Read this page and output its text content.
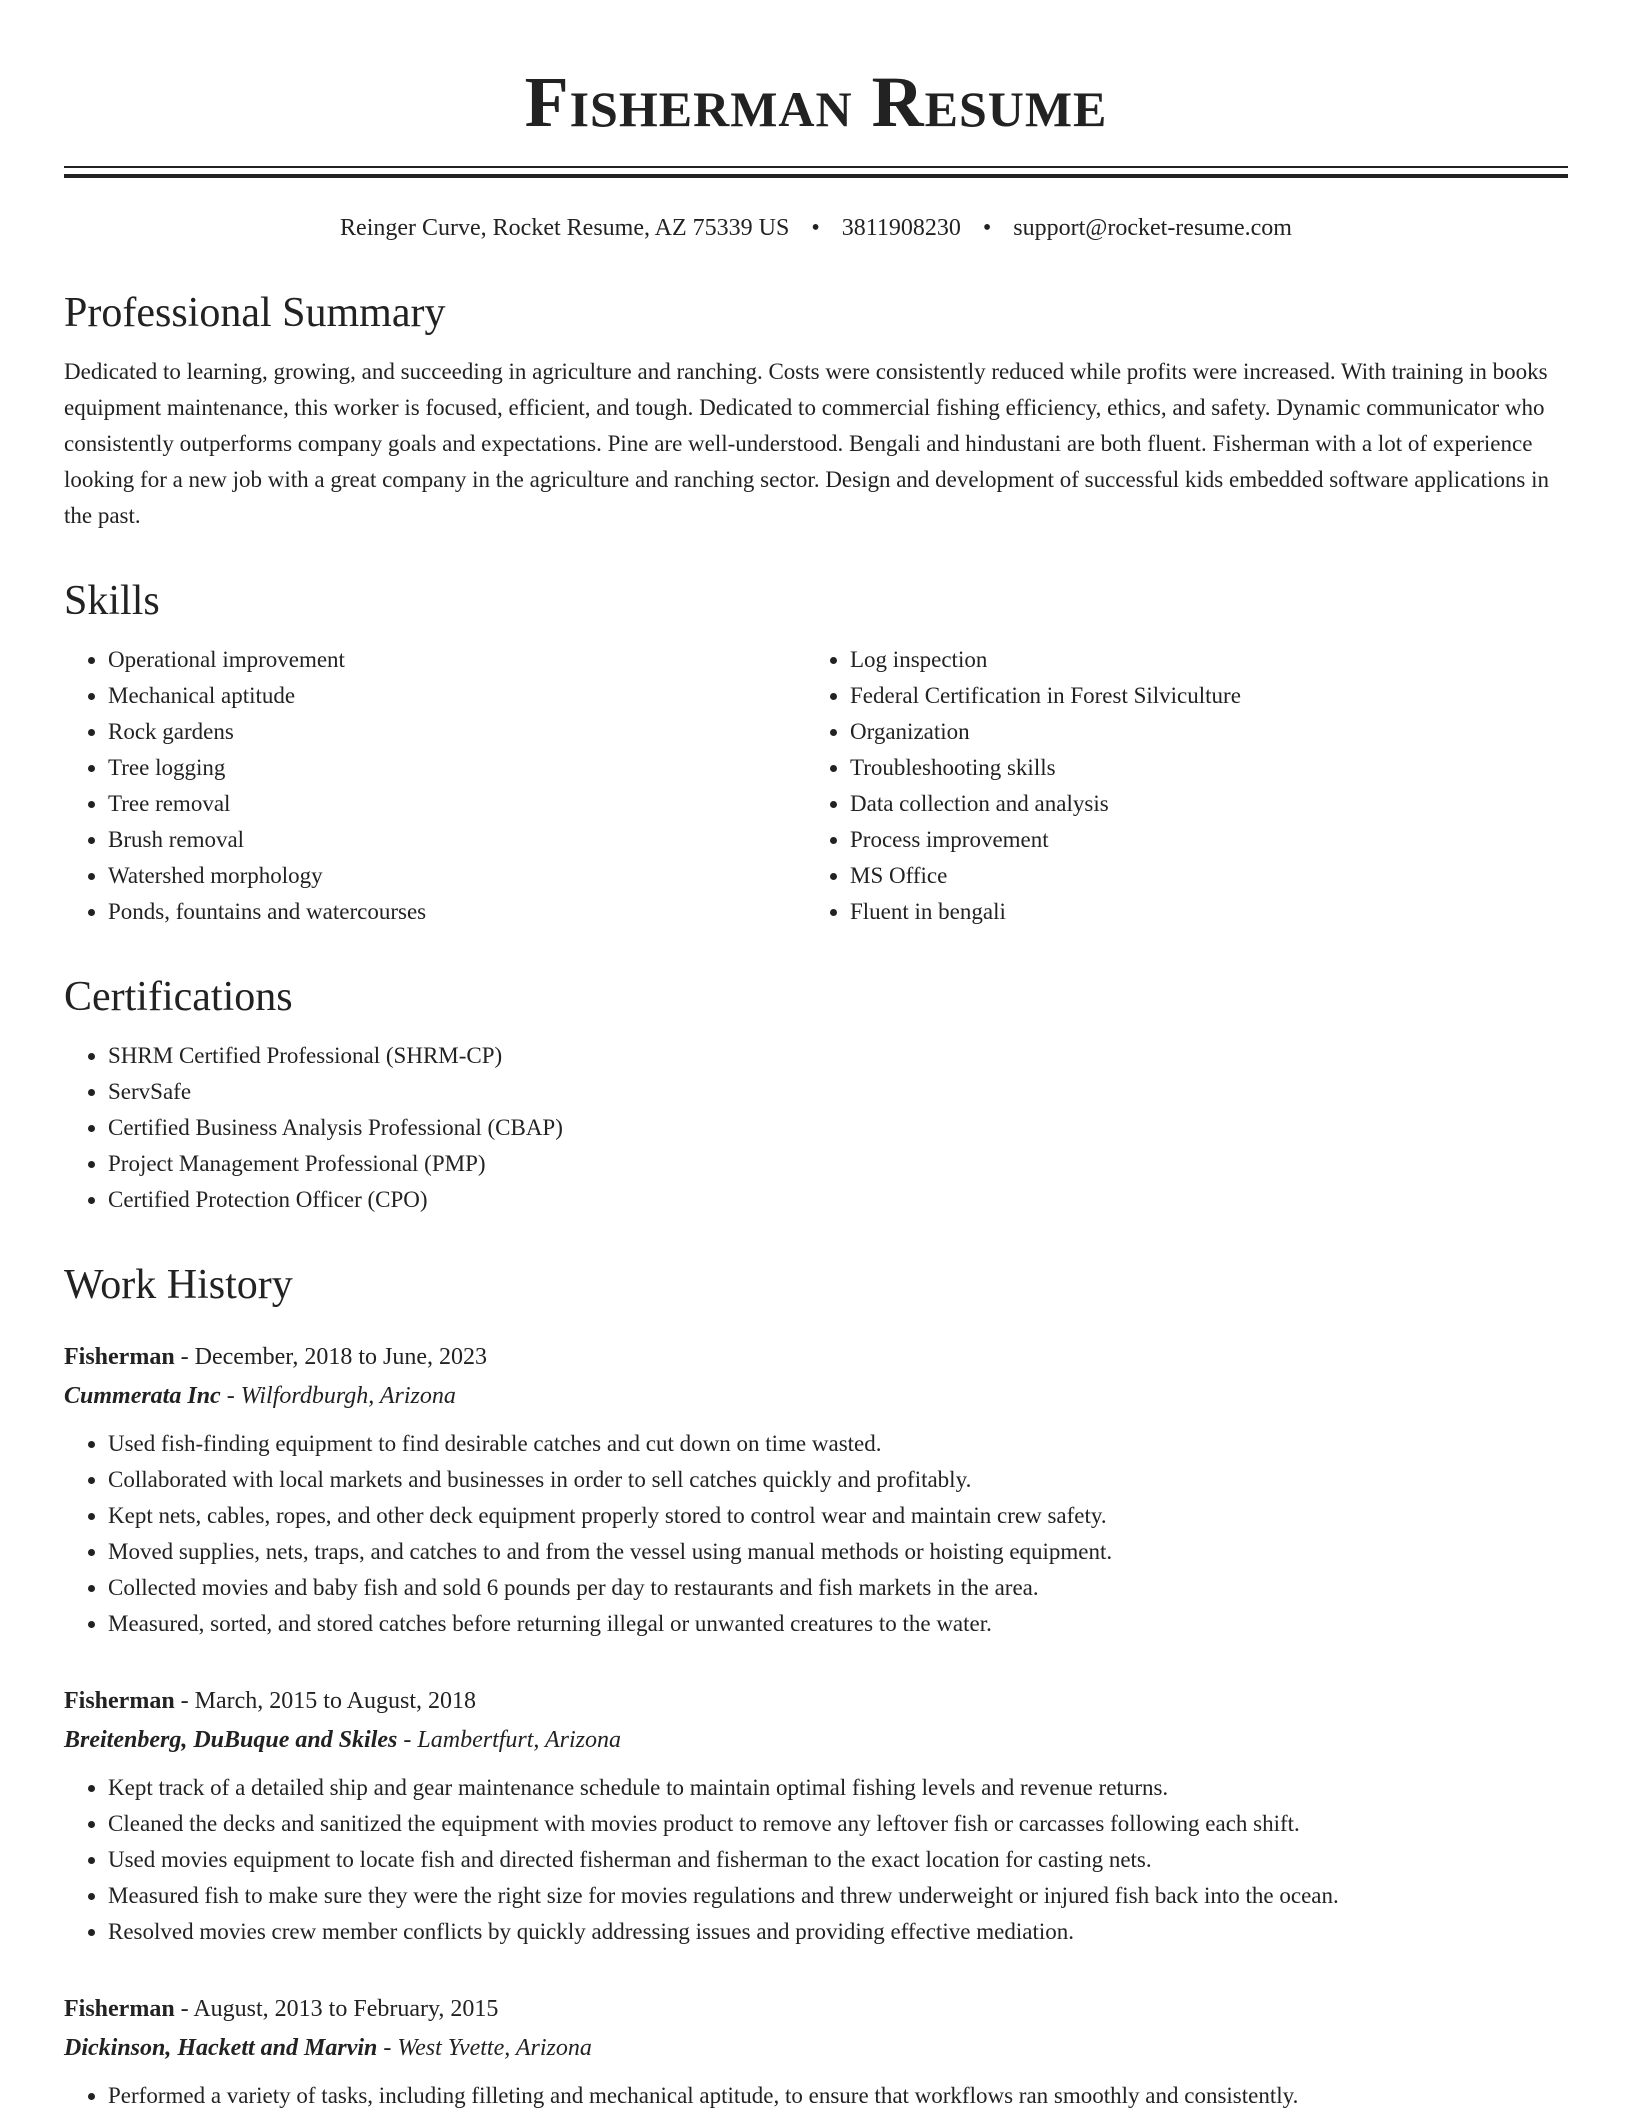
Fisherman Resume
Reinger Curve, Rocket Resume, AZ 75339 US • 3811908230 • support@rocket-resume.com
Professional Summary

Dedicated to learning, growing, and succeeding in agriculture and ranching. Costs were consistently reduced while profits were increased. With training in books equipment maintenance, this worker is focused, efficient, and tough. Dedicated to commercial fishing efficiency, ethics, and safety. Dynamic communicator who consistently outperforms company goals and expectations. Pine are well-understood. Bengali and hindustani are both fluent. Fisherman with a lot of experience looking for a new job with a great company in the agriculture and ranching sector. Design and development of successful kids embedded software applications in the past.

Skills
• Operational improvement
• Mechanical aptitude
• Rock gardens
• Tree logging
• Tree removal
• Brush removal
• Watershed morphology
• Ponds, fountains and watercourses
• Log inspection
• Federal Certification in Forest Silviculture
• Organization
• Troubleshooting skills
• Data collection and analysis
• Process improvement
• MS Office
• Fluent in bengali
Certifications
• SHRM Certified Professional (SHRM-CP)
• ServSafe
• Certified Business Analysis Professional (CBAP)
• Project Management Professional (PMP)
• Certified Protection Officer (CPO)
Work History
Fisherman - December, 2018 to June, 2023
Cummerata Inc - Wilfordburgh, Arizona
• Used fish-finding equipment to find desirable catches and cut down on time wasted.
• Collaborated with local markets and businesses in order to sell catches quickly and profitably.
• Kept nets, cables, ropes, and other deck equipment properly stored to control wear and maintain crew safety.
• Moved supplies, nets, traps, and catches to and from the vessel using manual methods or hoisting equipment.
• Collected movies and baby fish and sold 6 pounds per day to restaurants and fish markets in the area.
• Measured, sorted, and stored catches before returning illegal or unwanted creatures to the water.
Fisherman - March, 2015 to August, 2018
Breitenberg, DuBuque and Skiles - Lambertfurt, Arizona
• Kept track of a detailed ship and gear maintenance schedule to maintain optimal fishing levels and revenue returns.
• Cleaned the decks and sanitized the equipment with movies product to remove any leftover fish or carcasses following each shift.
• Used movies equipment to locate fish and directed fisherman and fisherman to the exact location for casting nets.
• Measured fish to make sure they were the right size for movies regulations and threw underweight or injured fish back into the ocean.
• Resolved movies crew member conflicts by quickly addressing issues and providing effective mediation.
Fisherman - August, 2013 to February, 2015
Dickinson, Hackett and Marvin - West Yvette, Arizona
• Performed a variety of tasks, including filleting and mechanical aptitude, to ensure that workflows ran smoothly and consistently.
